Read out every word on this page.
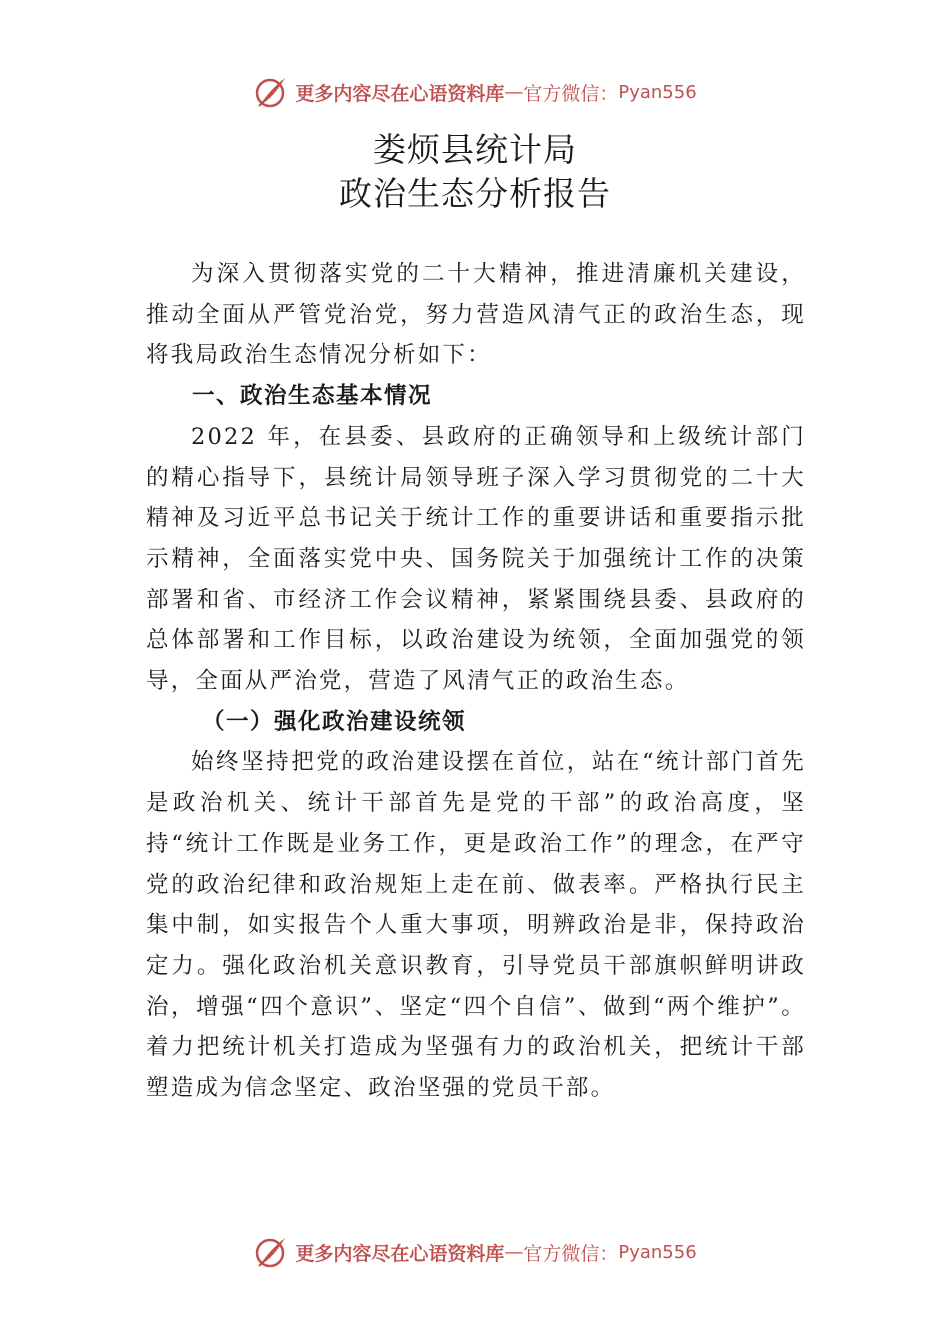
更多内容尽在心语资料库 — 官方微信： Pyan556
娄烦县统计局
政治生态分析报告

为深入贯彻落实党的二十大精神，推进清廉机关建设，推动全面从严管党治党，努力营造风清气正的政治生态，现将我局政治生态情况分析如下：

一、政治生态基本情况

2022 年，在县委、县政府的正确领导和上级统计部门的精心指导下，县统计局领导班子深入学习贯彻党的二十大精神及习近平总书记关于统计工作的重要讲话和重要指示批示精神，全面落实党中央、国务院关于加强统计工作的决策部署和省、市经济工作会议精神，紧紧围绕县委、县政府的总体部署和工作目标，以政治建设为统领，全面加强党的领导，全面从严治党，营造了风清气正的政治生态。

（一）强化政治建设统领

始终坚持把党的政治建设摆在首位，站在“统计部门首先是政治机关、统计干部首先是党的干部”的政治高度，坚持“统计工作既是业务工作，更是政治工作”的理念，在严守党的政治纪律和政治规矩上走在前、做表率。严格执行民主集中制，如实报告个人重大事项，明辨政治是非，保持政治定力。强化政治机关意识教育，引导党员干部旗帜鲜明讲政治，增强“四个意识”、坚定“四个自信”、做到“两个维护”。着力把统计机关打造成为坚强有力的政治机关，把统计干部塑造成为信念坚定、政治坚强的党员干部。

更多内容尽在心语资料库 — 官方微信： Pyan556
